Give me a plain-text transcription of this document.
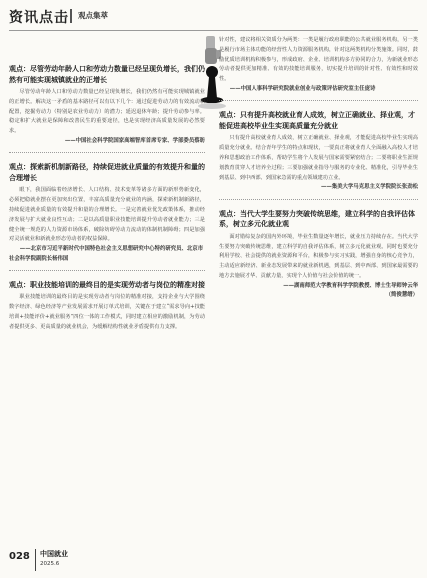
资讯点击 观点集萃

观点：尽管劳动年龄人口和劳动力数量已经呈现负增长，我们仍然有可能实现城镇就业的正增长

尽管劳动年龄人口和劳动力数量已经呈现负增长，我们仍然有可能实现城镇就业的正增长。解决这一矛盾的基本路径可以有以下几个：通过促进劳动力的有效流动和配置，挖掘劳动力（特别是农业劳动力）的潜力；延迟退休年龄；提升劳动参与率。稳定和扩大就业是保障和改善民生的重要途径，也是实现经济高质量发展的必然要求。

——中国社会科学院国家高端智库首席专家、学部委员蔡昉

观点：探索新机制新路径，持续促进就业质量的有效提升和量的合理增长

眼下，我国面临着经济增长、人口结构、技术变革等诸多方面的新形势新变化，必须把稳就业摆在更加突出位置，丰富高质量充分就业的内涵，探索新机制新路径，持续促进就业质量的有效提升和量的合理增长。一是完善就业优先政策体系，推动经济发展与扩大就业良性互动；二是以高质量职业技能培训提升劳动者就业能力；三是健全统一规范的人力资源市场体系，破除妨碍劳动力流动的体制机制障碍；四是加强对灵活就业和新就业形态劳动者的权益保障。

——北京市习近平新时代中国特色社会主义思想研究中心特约研究员、北京市社会科学院副院长杨伟国

观点：职业技能培训的最终目的是实现劳动者与岗位的精准对接

职业技能培训的最终目的是实现劳动者与岗位的精准对接，支持企业与大学围绕数字经济、绿色经济等产业发展需求开展订单式培训，关键在于建立“需求导向+技能培训+技能评价+就业服务”四位一体的工作模式，同时建立相应的激励机制，为劳动者提供更多、更高质量的就业机会，为缓解结构性就业矛盾提供有力支撑。

针对性，建议将相关资质分为两类：一类是履行政府职能的公共就业服务机构，另一类是履行市场主体功能的经营性人力资源服务机构，针对这两类机构分类施策。同时，鼓励优质培训机构积极参与，形成政府、企业、培训机构多方协同的合力，为新就业形态劳动者提供更加精准、有效的技能培训服务，切实提升培训的针对性、有效性和时效性。

——中国人事科学研究院就业创业与政策评估研究室主任庞诗

观点：只有提升高校就业育人成效，树立正确就业、择业观，才能促进高校毕业生实现高质量充分就业

只有提升高校就业育人成效，树立正确就业、择业观，才能促进高校毕业生实现高质量充分就业。结合青年学生的特点和现状，一要真正将就业育人全面融入高校人才培养和思想政治工作体系，帮助学生将个人发展与国家需要紧密结合；二要将职业生涯规划教育贯穿人才培养全过程；三要加强就业指导与服务的专业化、精准化，引导毕业生到基层、到中西部、到国家急需的重点领域建功立业。

——集美大学马克思主义学院院长张劲松

观点：当代大学生要努力突破传统思维，建立科学的自我评估体系，树立多元化就业观

面对错综复杂的国内外环境，毕业生数量逐年增长，就业压力持续存在。当代大学生要努力突破传统思维，建立科学的自我评估体系，树立多元化就业观。同时也要充分利用学校、社会提供的就业资源和平台，积极参与实习实践，增强自身的核心竞争力，主动适应新经济、新业态发展带来的就业新机遇，到基层、到中西部、到国家最需要的地方去施展才华、贡献力量，实现个人价值与社会价值的统一。

——湖南师范大学教育科学学院教授、博士生导师钟云华

（简俊慧缙）

028 中国就业
2025.6
